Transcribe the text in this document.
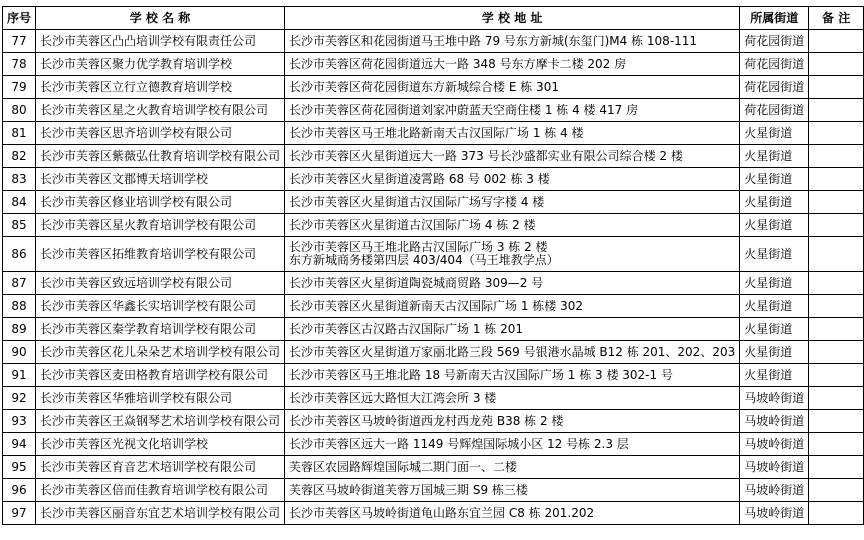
序号	学 校 名 称	学 校 地 址	所属街道	备 注
77	长沙市芙蓉区凸凸培训学校有限责任公司	长沙市芙蓉区和花园街道马王堆中路 79 号东方新城(东玺门)M4 栋 108-111	荷花园街道	
78	长沙市芙蓉区聚力优学教育培训学校	长沙市芙蓉区荷花园街道远大一路 348 号东方摩卡二楼 202 房	荷花园街道	
79	长沙市芙蓉区立行立德教育培训学校	长沙市芙蓉区荷花园街道东方新城综合楼 E 栋 301	荷花园街道	
80	长沙市芙蓉区星之火教育培训学校有限公司	长沙市芙蓉区荷花园街道刘家冲蔚蓝天空商住楼 1 栋 4 楼 417 房	荷花园街道	
81	长沙市芙蓉区思齐培训学校有限公司	长沙市芙蓉区马王堆北路新南天古汉国际广场 1 栋 4 楼	火星街道	
82	长沙市芙蓉区紫薇弘仕教育培训学校有限公司	长沙市芙蓉区火星街道远大一路 373 号长沙盛都实业有限公司综合楼 2 楼	火星街道	
83	长沙市芙蓉区文郡博天培训学校	长沙市芙蓉区火星街道凌霄路 68 号 002 栋 3 楼	火星街道	
84	长沙市芙蓉区修业培训学校有限公司	长沙市芙蓉区火星街道古汉国际广场写字楼 4 楼	火星街道	
85	长沙市芙蓉区星火教育培训学校有限公司	长沙市芙蓉区火星街道古汉国际广场 4 栋 2 楼	火星街道	
86	长沙市芙蓉区拓维教育培训学校有限公司	长沙市芙蓉区马王堆北路古汉国际广场 3 栋 2 楼
东方新城商务楼第四层 403/404（马王堆教学点）	火星街道	
87	长沙市芙蓉区致远培训学校有限公司	长沙市芙蓉区火星街道陶瓷城商贸路 309—2 号	火星街道	
88	长沙市芙蓉区华鑫长实培训学校有限公司	长沙市芙蓉区火星街道新南天古汉国际广场 1 栋楼 302	火星街道	
89	长沙市芙蓉区秦学教育培训学校有限公司	长沙市芙蓉区古汉路古汉国际广场 1 栋 201	火星街道	
90	长沙市芙蓉区花儿朵朵艺术培训学校有限公司	长沙市芙蓉区火星街道万家丽北路三段 569 号银港水晶城 B12 栋 201、202、203	火星街道	
91	长沙市芙蓉区麦田格教育培训学校有限公司	长沙市芙蓉区马王堆北路 18 号新南天古汉国际广场 1 栋 3 楼 302-1 号	火星街道	
92	长沙市芙蓉区华雅培训学校有限公司	长沙市芙蓉区远大路恒大江湾会所 3 楼	马坡岭街道	
93	长沙市芙蓉区王焱钢琴艺术培训学校有限公司	长沙市芙蓉区马坡岭街道西龙村西龙苑 B38 栋 2 楼	马坡岭街道	
94	长沙市芙蓉区光视文化培训学校	长沙市芙蓉区远大一路 1149 号辉煌国际城小区 12 号栋 2.3 层	马坡岭街道	
95	长沙市芙蓉区育音艺术培训学校有限公司	芙蓉区农园路辉煌国际城二期门面一、二楼	马坡岭街道	
96	长沙市芙蓉区倍而佳教育培训学校有限公司	芙蓉区马坡岭街道芙蓉万国城三期 S9 栋三楼	马坡岭街道	
97	长沙市芙蓉区丽音东宜艺术培训学校有限公司	长沙市芙蓉区马坡岭街道龟山路东宜兰园 C8 栋 201.202	马坡岭街道	
